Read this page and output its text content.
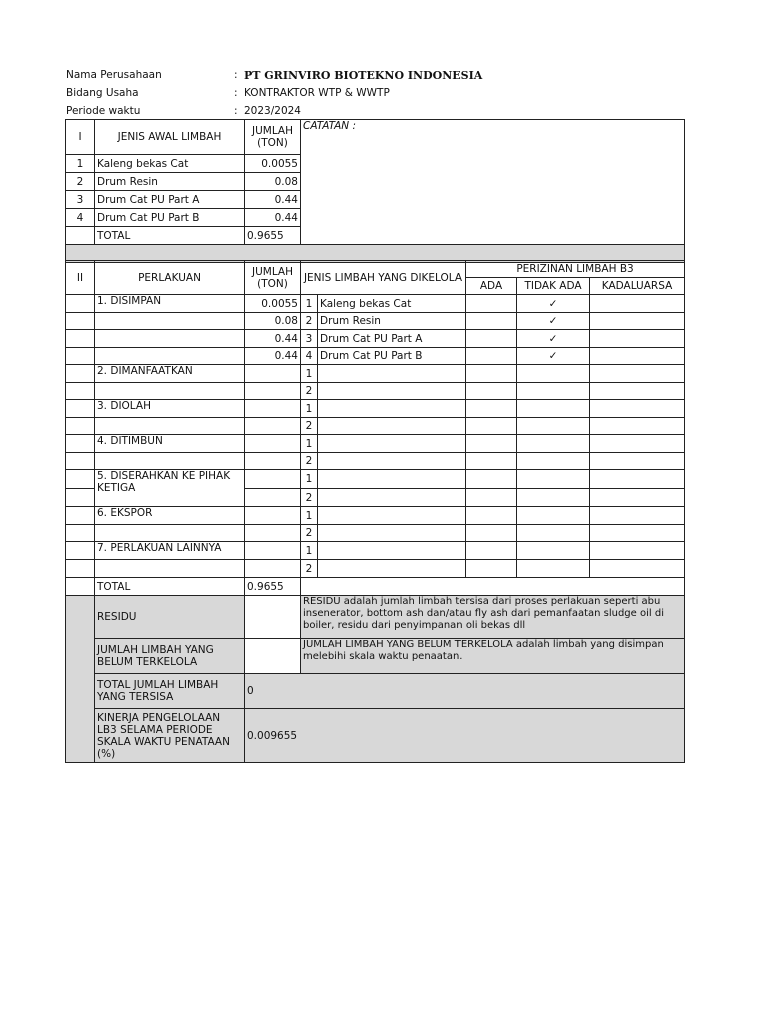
Nama Perusahaan	: PT GRINVIRO BIOTEKNO INDONESIA
Bidang Usaha	: KONTRAKTOR WTP & WWTP
Periode waktu	: 2023/2024
I	JENIS AWAL LIMBAH	JUMLAH (TON)	CATATAN :
1	Kaleng bekas Cat	0.0055	
2	Drum Resin	0.08	
3	Drum Cat PU Part A	0.44	
4	Drum Cat PU Part B	0.44	
	TOTAL	0.9655	

II	PERLAKUAN	JUMLAH (TON)	JENIS LIMBAH YANG DIKELOLA		PERIZINAN LIMBAH B3		
					ADA	TIDAK ADA	KADALUARSA
	1. DISIMPAN	0.0055	1	Kaleng bekas Cat		✓	
		0.08	2	Drum Resin		✓	
		0.44	3	Drum Cat PU Part A		✓	
		0.44	4	Drum Cat PU Part B		✓	
	2. DIMANFAATKAN		1				
			2				
	3. DIOLAH		1				
			2				
	4. DITIMBUN		1				
			2				
	5. DISERAHKAN KE PIHAK KETIGA		1				
			2				
	6. EKSPOR		1				
			2				
	7. PERLAKUAN LAINNYA		1				
			2				
	TOTAL	0.9655					
	RESIDU		RESIDU adalah jumlah limbah tersisa dari proses perlakuan seperti abu insenerator, bottom ash dan/atau fly ash dari pemanfaatan sludge oil di boiler, residu dari penyimpanan oli bekas dll				
	JUMLAH LIMBAH YANG BELUM TERKELOLA		JUMLAH LIMBAH YANG BELUM TERKELOLA adalah limbah yang disimpan melebihi skala waktu penaatan.				
	TOTAL JUMLAH LIMBAH YANG TERSISA	0					
	KINERJA PENGELOLAAN LB3 SELAMA PERIODE SKALA WAKTU PENATAAN (%)	0.009655					
